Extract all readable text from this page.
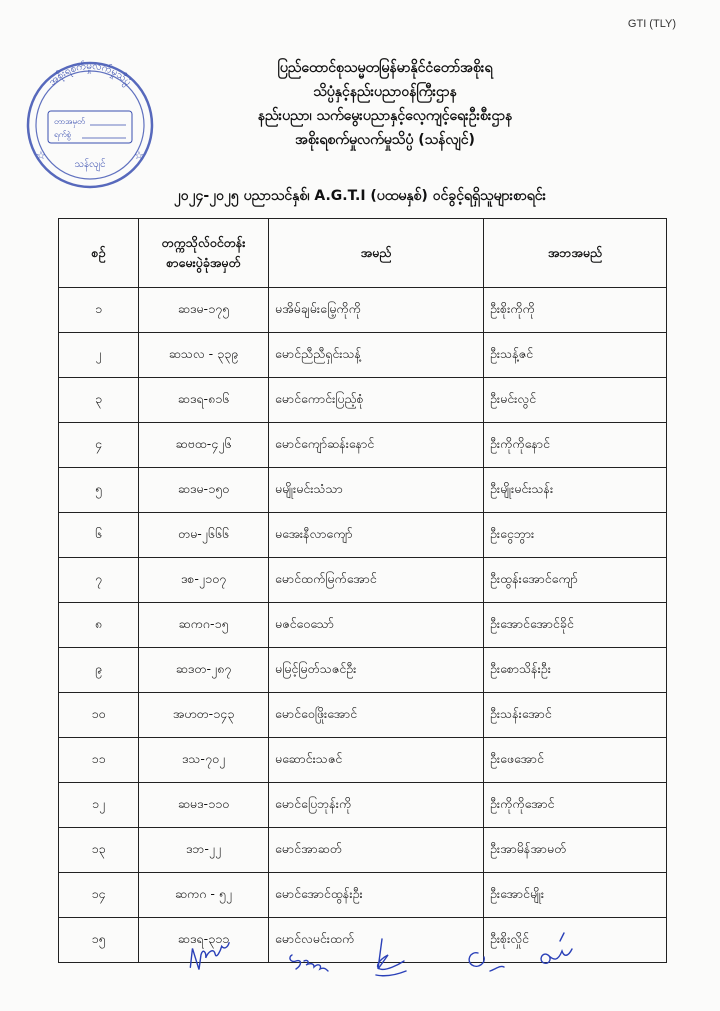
GTI (TLY)
အစိုးရစက်မှုလက်မှုသိပ္ပံ
တာအမှတ်
ရက်စွဲ
သန်လျင်
☆	☆
ပြည်ထောင်စုသမ္မတမြန်မာနိုင်ငံတော်အစိုးရ
သိပ္ပံနှင့်နည်းပညာဝန်ကြီးဌာန
နည်းပညာ၊ သက်မွေးပညာနှင့်လေ့ကျင့်ရေးဦးစီးဌာန
အစိုးရစက်မှုလက်မှုသိပ္ပံ (သန်လျင်)
၂၀၂၄-၂၀၂၅ ပညာသင်နှစ်၊ A.G.T.I (ပထမနှစ်) ဝင်ခွင့်ရရှိသူများစာရင်း
စဉ်	တက္ကသိုလ်ဝင်တန်း စာမေးပွဲခုံအမှတ်	အမည်	အဘအမည်
၁	ဆဒမ-၁၇၅	မအိမ်ချမ်းမြေ့ကိုကို	ဦးစိုးကိုကို
၂	ဆသလ - ၃၃၉	မောင်ညီညီရှင်းသန့်	ဦးသန့်ဇင်
၃	ဆဒရ-၈၁၆	မောင်ကောင်းပြည့်စုံ	ဦးမင်းလွင်
၄	ဆဗထ-၄၂၆	မောင်ကျော်ဆန်းနောင်	ဦးကိုကိုနောင်
၅	ဆဒမ-၁၅၀	မမျိုးမင်းသံသာ	ဦးမျိုးမင်းသန်း
၆	တမ-၂၆၆၆	မအေးနီလာကျော်	ဦးငွေဘွား
၇	ဒစ-၂၁၀၇	မောင်ထက်မြက်အောင်	ဦးထွန်းအောင်ကျော်
၈	ဆကဂ-၁၅	မဇင်ဝေသော်	ဦးအောင်အောင်ခိုင်
၉	ဆဒတ-၂၈၇	မမြင့်မြတ်သဇင်ဦး	ဦးစောသိန်းဦး
၁၀	အဟတ-၁၄၃	မောင်ဝေဖြိုးအောင်	ဦးသန်းအောင်
၁၁	ဒသ-၇၀၂	မဆောင်းသဇင်	ဦးဖေအောင်
၁၂	ဆမဒ-၁၁၀	မောင်ပြေဘုန်းကို	ဦးကိုကိုအောင်
၁၃	ဒဘ-၂၂	မောင်အာဆတ်	ဦးအာမိန်အာမတ်
၁၄	ဆကဂ - ၅၂	မောင်အောင်ထွန်းဦး	ဦးအောင်မျိုး
၁၅	ဆဒရ-၃၁၁	မောင်လမင်းထက်	ဦးစိုးလှိုင်
